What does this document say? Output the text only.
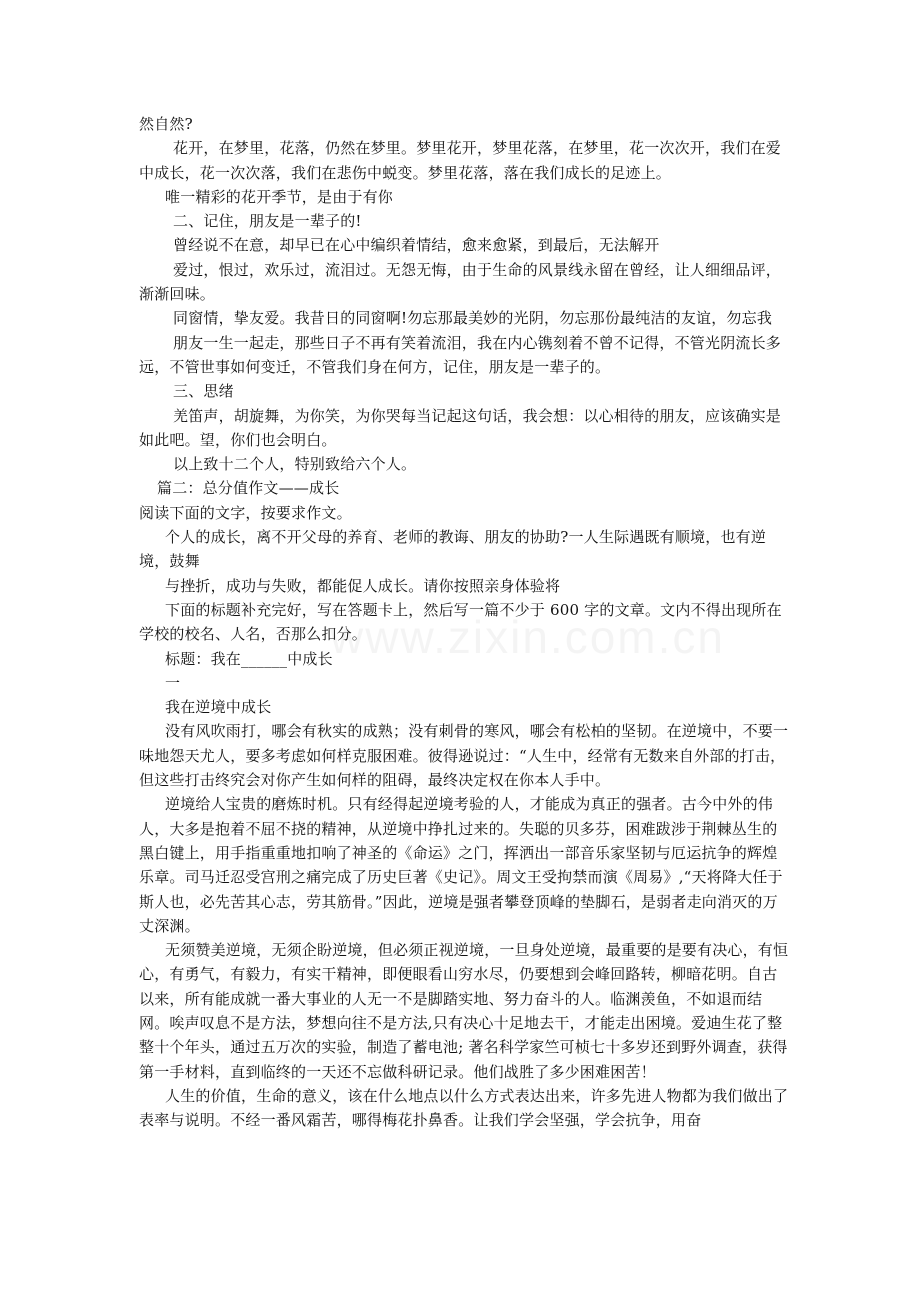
然自然?

花开，在梦里，花落，仍然在梦里。梦里花开，梦里花落，在梦里，花一次次开，我们在爱中成长，花一次次落，我们在悲伤中蜕变。梦里花落，落在我们成长的足迹上。

唯一精彩的花开季节，是由于有你

二、记住，朋友是一辈子的!

曾经说不在意，却早已在心中编织着情结，愈来愈紧，到最后，无法解开

爱过，恨过，欢乐过，流泪过。无怨无悔，由于生命的风景线永留在曾经，让人细细品评，渐渐回味。

同窗情，挚友爱。我昔日的同窗啊!勿忘那最美妙的光阴，勿忘那份最纯洁的友谊，勿忘我

朋友一生一起走，那些日子不再有笑着流泪，我在内心镌刻着不曾不记得，不管光阴流长多远，不管世事如何变迁，不管我们身在何方，记住，朋友是一辈子的。

三、思绪

羌笛声，胡旋舞，为你笑，为你哭每当记起这句话，我会想：以心相待的朋友，应该确实是如此吧。望，你们也会明白。

以上致十二个人，特别致给六个人。

篇二：总分值作文——成长

阅读下面的文字，按要求作文。

个人的成长，离不开父母的养育、老师的教诲、朋友的协助?一人生际遇既有顺境，也有逆境，鼓舞

与挫折，成功与失败，都能促人成长。请你按照亲身体验将

下面的标题补充完好，写在答题卡上，然后写一篇不少于 600 字的文章。文内不得出现所在学校的校名、人名，否那么扣分。

标题：我在______中成长

一

我在逆境中成长

没有风吹雨打，哪会有秋实的成熟；没有刺骨的寒风，哪会有松柏的坚韧。在逆境中，不要一味地怨天尤人，要多考虑如何样克服困难。彼得逊说过：“人生中，经常有无数来自外部的打击，但这些打击终究会对你产生如何样的阻碍，最终决定权在你本人手中。

逆境给人宝贵的磨炼时机。只有经得起逆境考验的人，才能成为真正的强者。古今中外的伟人，大多是抱着不屈不挠的精神，从逆境中挣扎过来的。失聪的贝多芬，困难跋涉于荆棘丛生的黑白键上，用手指重重地扣响了神圣的《命运》之门，挥洒出一部音乐家坚韧与厄运抗争的辉煌乐章。司马迁忍受宫刑之痛完成了历史巨著《史记》。周文王受拘禁而演《周易》,“天将降大任于斯人也，必先苦其心志，劳其筋骨。”因此，逆境是强者攀登顶峰的垫脚石，是弱者走向消灭的万丈深渊。

无须赞美逆境，无须企盼逆境，但必须正视逆境，一旦身处逆境，最重要的是要有决心，有恒心，有勇气，有毅力，有实干精神，即便眼看山穷水尽，仍要想到会峰回路转，柳暗花明。自古以来，所有能成就一番大事业的人无一不是脚踏实地、努力奋斗的人。临渊羡鱼，不如退而结网。唉声叹息不是方法，梦想向往不是方法,只有决心十足地去干，才能走出困境。爱迪生花了整整十个年头，通过五万次的实验，制造了蓄电池; 著名科学家竺可桢七十多岁还到野外调查，获得第一手材料，直到临终的一天还不忘做科研记录。他们战胜了多少困难困苦！

人生的价值，生命的意义，该在什么地点以什么方式表达出来，许多先进人物都为我们做出了表率与说明。不经一番风霜苦，哪得梅花扑鼻香。让我们学会坚强，学会抗争，用奋
